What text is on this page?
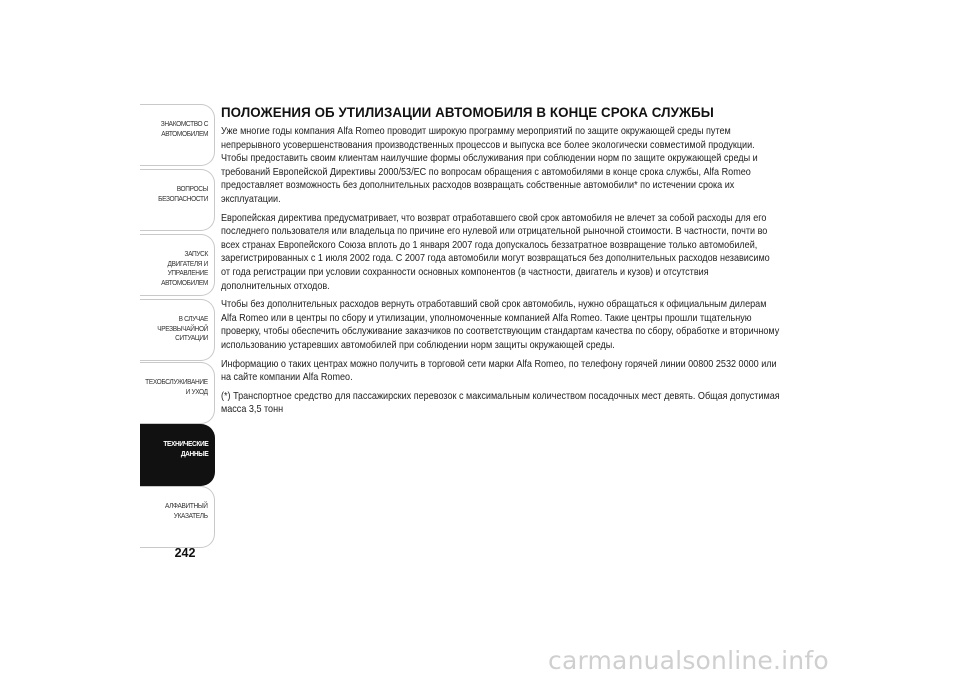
ЗНАКОМСТВО С
АВТОМОБИЛЕМ
ВОПРОСЫ
БЕЗОПАСНОСТИ
ЗАПУСК ДВИГАТЕЛЯ И
УПРАВЛЕНИЕ
АВТОМОБИЛЕМ
В СЛУЧАЕ
ЧРЕЗВЫЧАЙНОЙ
СИТУАЦИИ
ТЕХОБСЛУЖИВАНИЕ
И УХОД
ТЕХНИЧЕСКИЕ
ДАННЫЕ
АЛФАВИТНЫЙ
УКАЗАТЕЛЬ
242
ПОЛОЖЕНИЯ ОБ УТИЛИЗАЦИИ АВТОМОБИЛЯ В КОНЦЕ СРОКА СЛУЖБЫ

Уже многие годы компания Alfa Romeo проводит широкую программу мероприятий по защите окружающей среды путем непрерывного усовершенствования производственных процессов и выпуска все более экологически совместимой продукции. Чтобы предоставить своим клиентам наилучшие формы обслуживания при соблюдении норм по защите окружающей среды и требований Европейской Директивы 2000/53/ЕС по вопросам обращения с автомобилями в конце срока службы, Alfa Romeo предоставляет возможность без дополнительных расходов возвращать собственные автомобили* по истечении срока их эксплуатации.

Европейская директива предусматривает, что возврат отработавшего свой срок автомобиля не влечет за собой расходы для его последнего пользователя или владельца по причине его нулевой или отрицательной рыночной стоимости. В частности, почти во всех странах Европейского Союза вплоть до 1 января 2007 года допускалось беззатратное возвращение только автомобилей, зарегистрированных с 1 июля 2002 года. С 2007 года автомобили могут возвращаться без дополнительных расходов независимо от года регистрации при условии сохранности основных компонентов (в частности, двигатель и кузов) и отсутствия дополнительных отходов.

Чтобы без дополнительных расходов вернуть отработавший свой срок автомобиль, нужно обращаться к официальным дилерам Alfa Romeo или в центры по сбору и утилизации, уполномоченные компанией Alfa Romeo. Такие центры прошли тщательную проверку, чтобы обеспечить обслуживание заказчиков по соответствующим стандартам качества по сбору, обработке и вторичному использованию устаревших автомобилей при соблюдении норм защиты окружающей среды.

Информацию о таких центрах можно получить в торговой сети марки Alfa Romeo, по телефону горячей линии 00800 2532 0000 или на сайте компании Alfa Romeo.

(*) Транспортное средство для пассажирских перевозок с максимальным количеством посадочных мест девять. Общая допустимая масса 3,5 тонн

carmanualsonline.info
